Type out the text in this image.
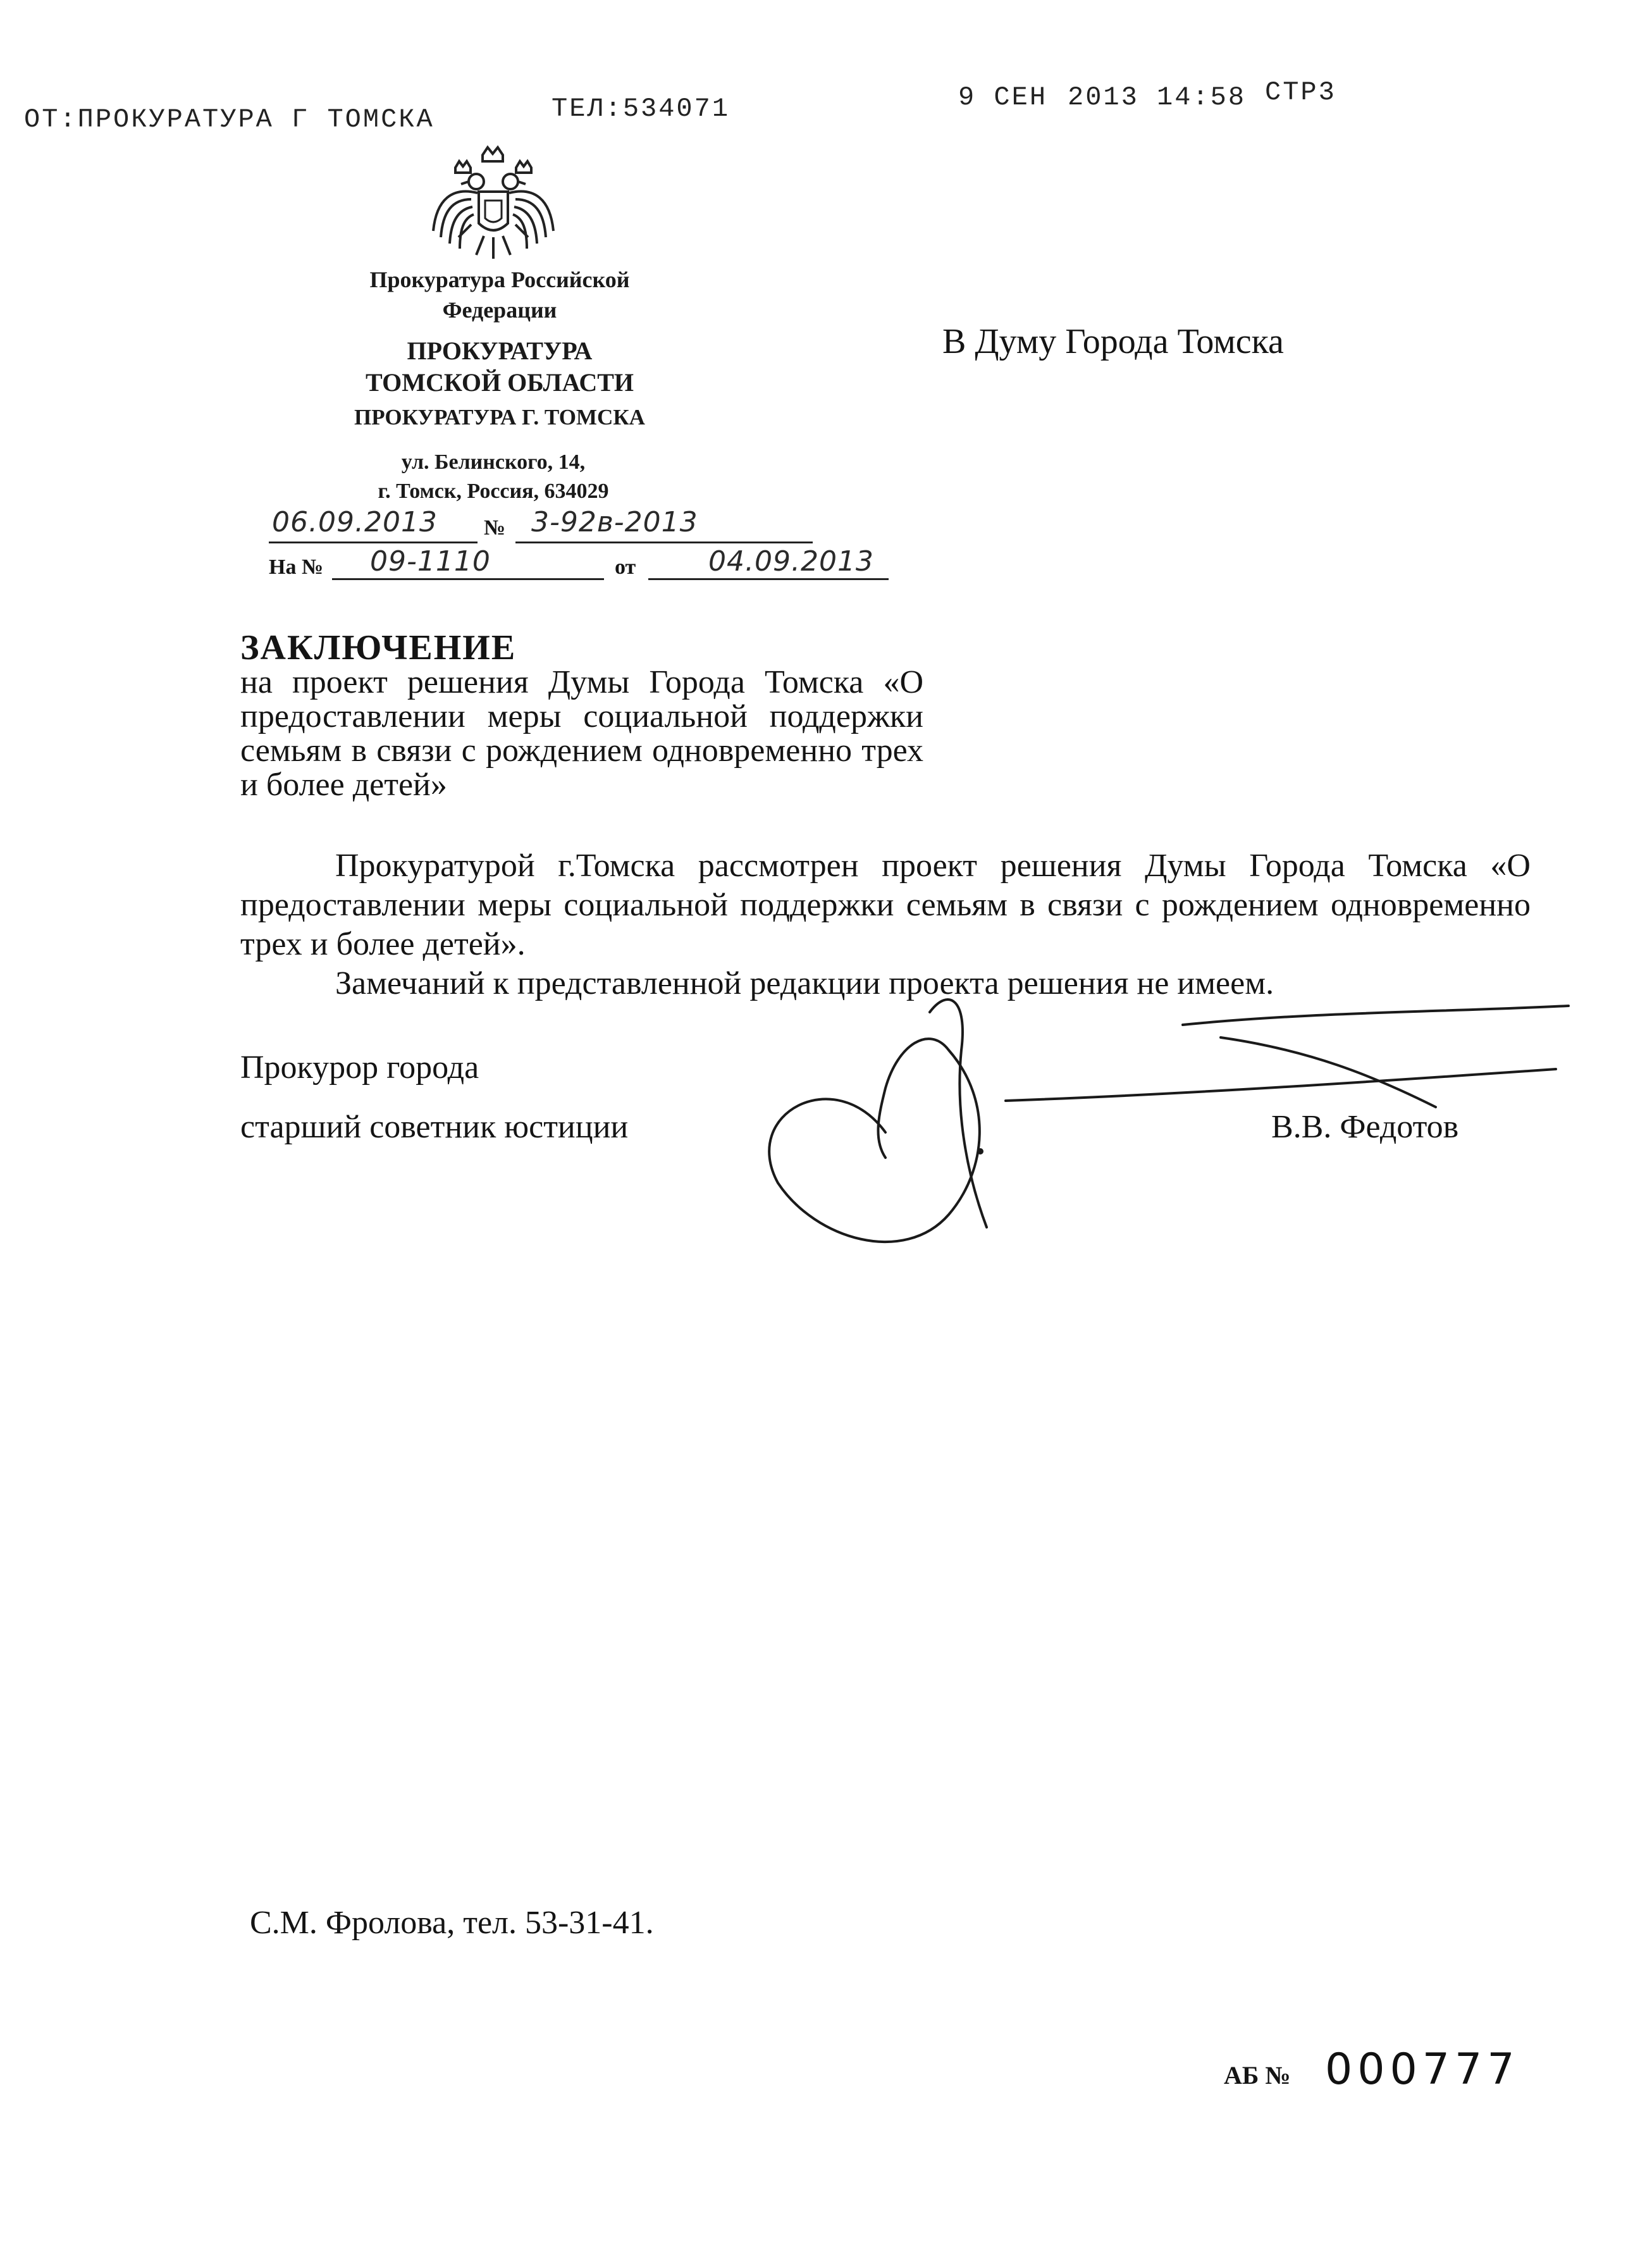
ОТ:ПРОКУРАТУРА Г ТОМСКА	ТЕЛ:534071	9 СЕН 2013 14:58 СТР3
Прокуратура Российской
Федерации
ПРОКУРАТУРА
ТОМСКОЙ ОБЛАСТИ
ПРОКУРАТУРА Г. ТОМСКА
ул. Белинского, 14,
г. Томск, Россия, 634029
06.09.2013 № 3-92в-2013
На № 09-1110	от	04.09.2013
В Думу Города Томска
ЗАКЛЮЧЕНИЕ
на проект решения Думы Города Томска «О предоставлении меры социальной поддержки семьям в связи с рождением одновременно трех и более детей»

Прокуратурой г.Томска рассмотрен проект решения Думы Города Томска «О предоставлении меры социальной поддержки семьям в связи с рождением одновременно трех и более детей».

Замечаний к представленной редакции проекта решения не имеем.

Прокурор города
старший советник юстиции	В.В. Федотов
С.М. Фролова, тел. 53-31-41.
АБ № 000777
